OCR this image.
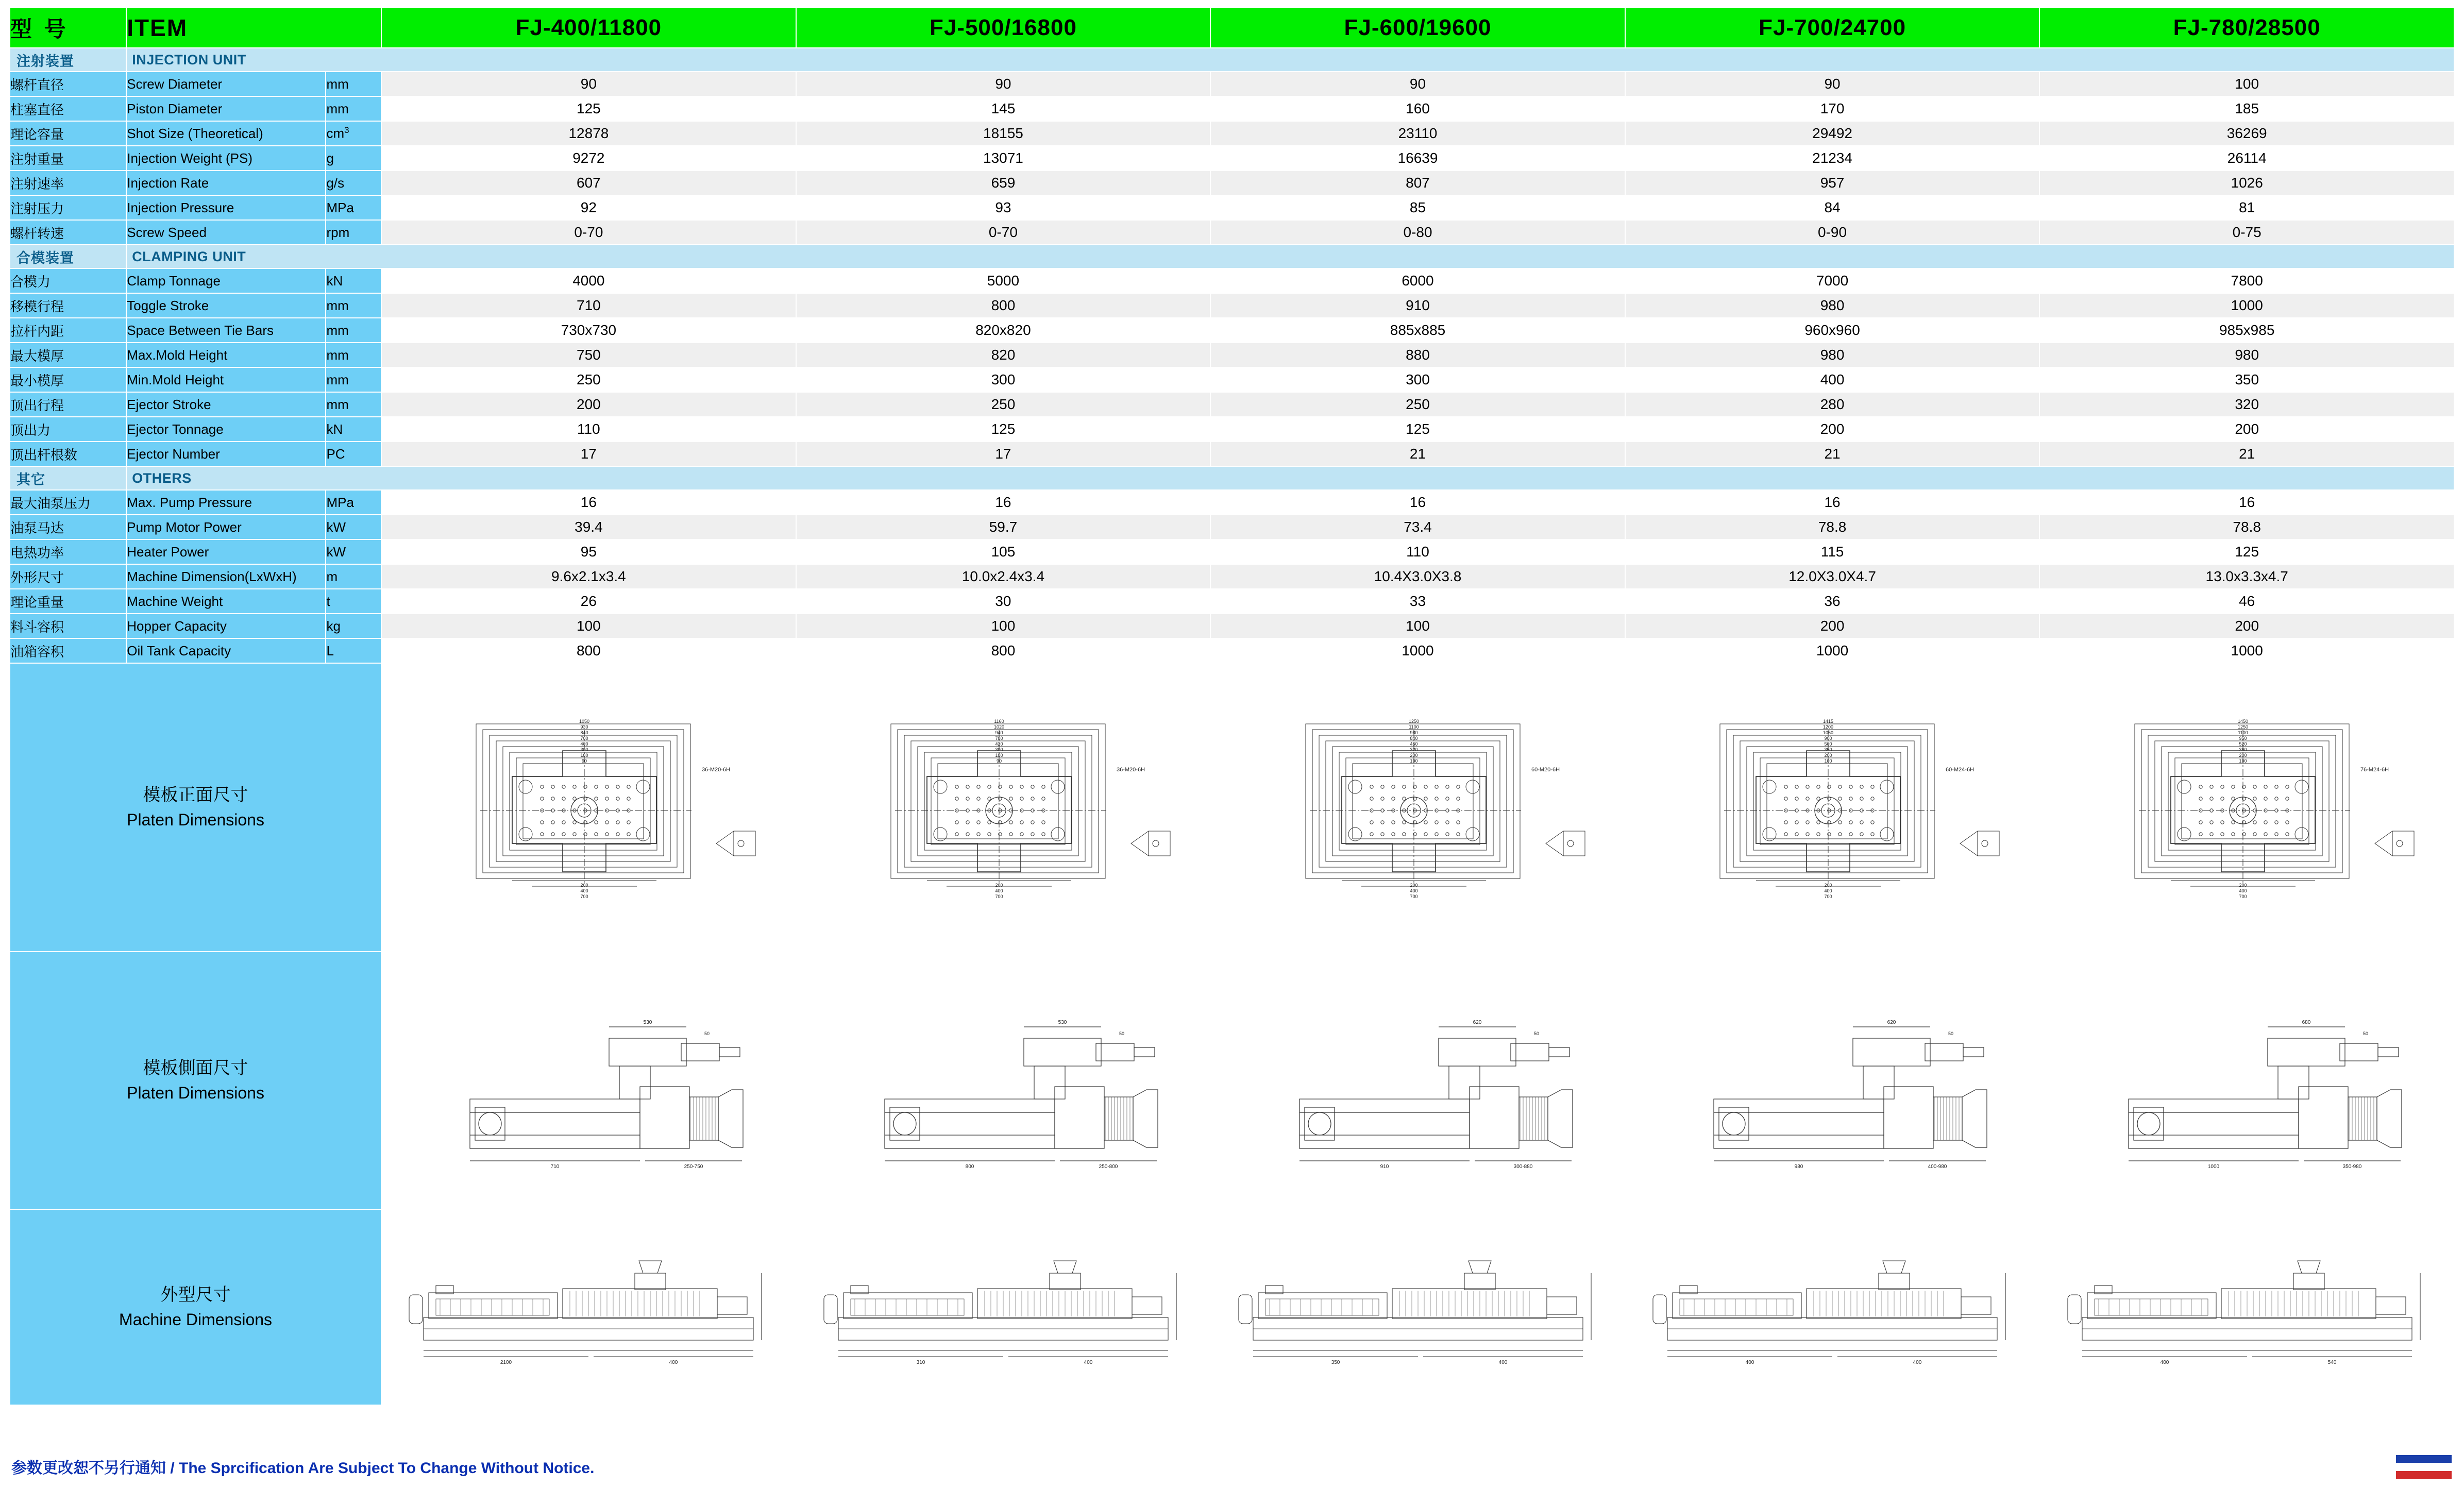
型 号	ITEM		FJ-400/11800	FJ-500/16800	FJ-600/19600	FJ-700/24700	FJ-780/28500
注射装置	INJECTION UNIT						
螺杆直径	Screw Diameter	mm	90	90	90	90	100
柱塞直径	Piston Diameter	mm	125	145	160	170	185
理论容量	Shot Size (Theoretical)	$cm^3$	12878	18155	23110	29492	36269
注射重量	Injection Weight (PS)	g	9272	13071	16639	21234	26114
注射速率	Injection Rate	g/s	607	659	807	957	1026
注射压力	Injection Pressure	MPa	92	93	85	84	81
螺杆转速	Screw Speed	rpm	0-70	0-70	0-80	0-90	0-75
合模装置	CLAMPING UNIT						
合模力	Clamp Tonnage	kN	4000	5000	6000	7000	7800
移模行程	Toggle Stroke	mm	710	800	910	980	1000
拉杆内距	Space Between Tie Bars	mm	730x730	820x820	885x885	960x960	985x985
最大模厚	Max.Mold Height	mm	750	820	880	980	980
最小模厚	Min.Mold Height	mm	250	300	300	400	350
顶出行程	Ejector Stroke	mm	200	250	250	280	320
顶出力	Ejector Tonnage	kN	110	125	125	200	200
顶出杆根数	Ejector Number	PC	17	17	21	21	21
其它	OTHERS						
最大油泵压力	Max. Pump Pressure	MPa	16	16	16	16	16
油泵马达	Pump Motor Power	kW	39.4	59.7	73.4	78.8	78.8
电热功率	Heater Power	kW	95	105	110	115	125
外形尺寸	Machine Dimension(LxWxH)	m	9.6x2.1x3.4	10.0x2.4x3.4	10.4X3.0X3.8	12.0X3.0X4.7	13.0x3.3x4.7
理论重量	Machine Weight	t	26	30	33	36	46
料斗容积	Hopper Capacity	kg	100	100	100	200	200
油箱容积	Oil Tank Capacity	L	800	800	1000	1000	1000

模板正面尺寸
Platen Dimensions

36-M20-6H
1050
930
840
700
400
300
180
90
200
400
700

36-M20-6H
1160
1020
940
780
420
300
180
90
200
400
700

60-M20-6H
1250
1100
980
840
450
320
200
100
200
400
700

60-M24-6H
1415
1200
1050
900
500
350
200
100
200
400
700

76-M24-6H
1450
1250
1100
950
520
360
200
100
200
400
700

模板側面尺寸
Platen Dimensions			530
50
710 250-750	530
50
800 250-800	620
50
910 300-880	620
50
980 400-980	680
50
1000 350-980

外型尺寸
Machine Dimensions			2100 400	310 400	350 400	400 400	400 540
参数更改恕不另行通知 / The Sprcification Are Subject To Change Without Notice.
